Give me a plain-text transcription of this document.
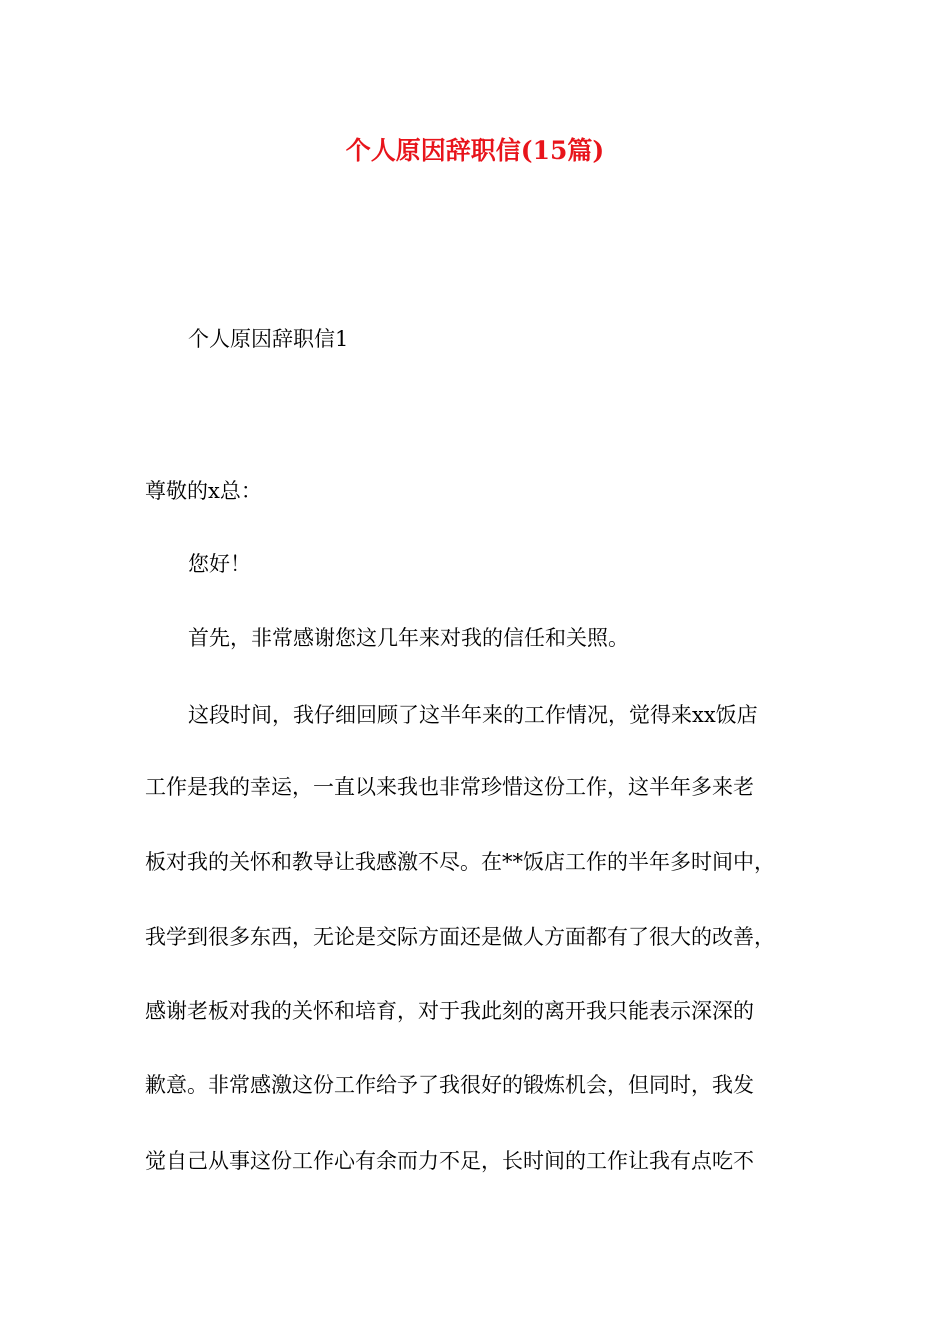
个人原因辞职信(15篇)
个人原因辞职信1
尊敬的x总：
您好！
首先，非常感谢您这几年来对我的信任和关照。
这段时间，我仔细回顾了这半年来的工作情况，觉得来xx饭店
工作是我的幸运，一直以来我也非常珍惜这份工作，这半年多来老
板对我的关怀和教导让我感激不尽。在**饭店工作的半年多时间中，
我学到很多东西，无论是交际方面还是做人方面都有了很大的改善，
感谢老板对我的关怀和培育，对于我此刻的离开我只能表示深深的
歉意。非常感激这份工作给予了我很好的锻炼机会，但同时，我发
觉自己从事这份工作心有余而力不足，长时间的工作让我有点吃不
